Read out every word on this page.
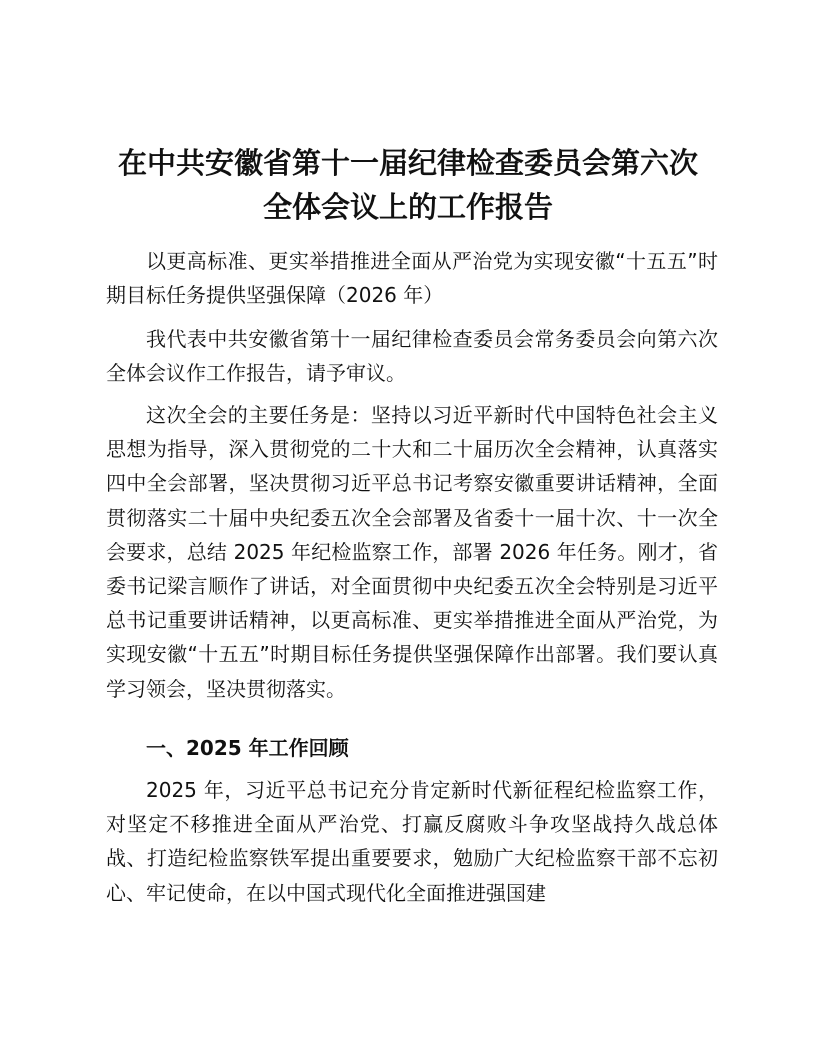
在中共安徽省第十一届纪律检查委员会第六次
全体会议上的工作报告
以更高标准、更实举措推进全面从严治党为实现安徽“十五五”时期目标任务提供坚强保障（2026 年）
我代表中共安徽省第十一届纪律检查委员会常务委员会向第六次全体会议作工作报告，请予审议。
这次全会的主要任务是：坚持以习近平新时代中国特色社会主义思想为指导，深入贯彻党的二十大和二十届历次全会精神，认真落实四中全会部署，坚决贯彻习近平总书记考察安徽重要讲话精神，全面贯彻落实二十届中央纪委五次全会部署及省委十一届十次、十一次全会要求，总结 2025 年纪检监察工作，部署 2026 年任务。刚才，省委书记梁言顺作了讲话，对全面贯彻中央纪委五次全会特别是习近平总书记重要讲话精神，以更高标准、更实举措推进全面从严治党，为实现安徽“十五五”时期目标任务提供坚强保障作出部署。我们要认真学习领会，坚决贯彻落实。
一、2025 年工作回顾
2025 年，习近平总书记充分肯定新时代新征程纪检监察工作，对坚定不移推进全面从严治党、打赢反腐败斗争攻坚战持久战总体战、打造纪检监察铁军提出重要要求，勉励广大纪检监察干部不忘初心、牢记使命，在以中国式现代化全面推进强国建
